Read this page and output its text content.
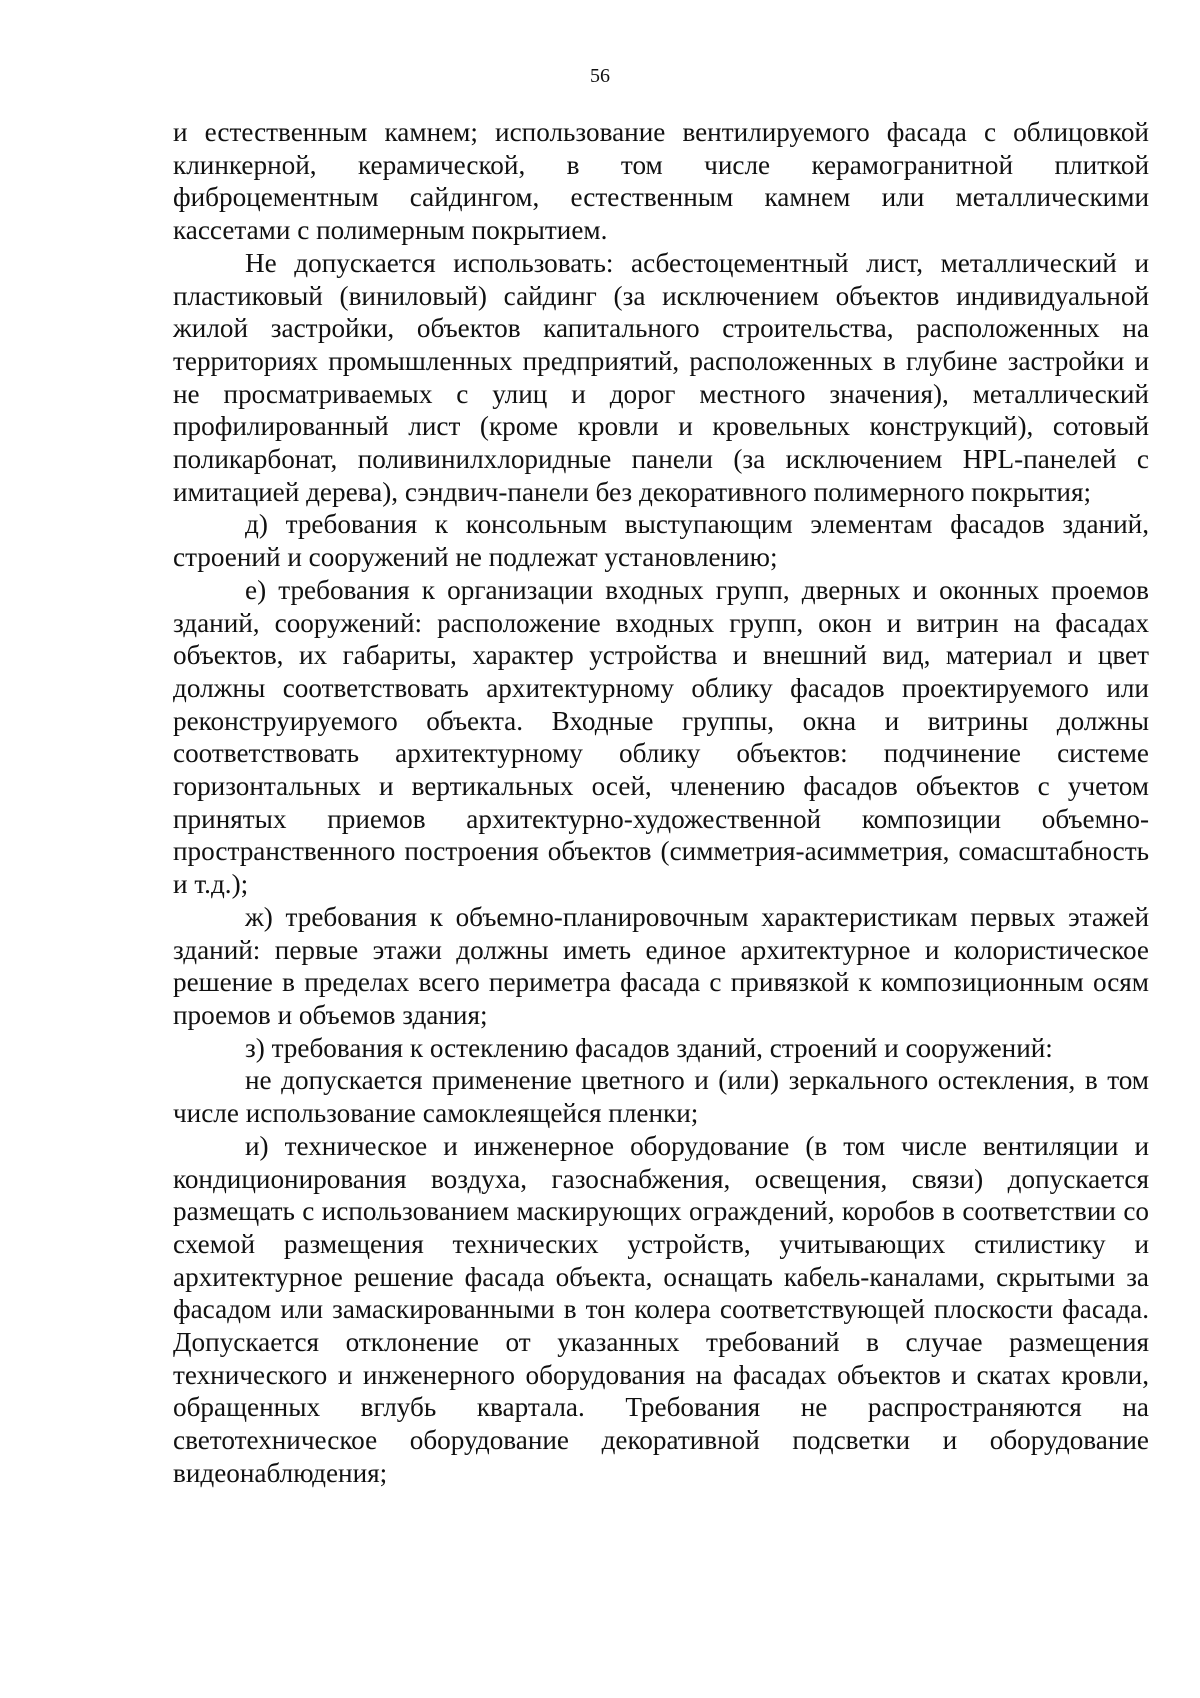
56

и естественным камнем; использование вентилируемого фасада с облицовкой клинкерной, керамической, в том числе керамогранитной плиткой фиброцементным сайдингом, естественным камнем или металлическими кассетами с полимерным покрытием.

Не допускается использовать: асбестоцементный лист, металлический и пластиковый (виниловый) сайдинг (за исключением объектов индивидуальной жилой застройки, объектов капитального строительства, расположенных на территориях промышленных предприятий, расположенных в глубине застройки и не просматриваемых с улиц и дорог местного значения), металлический профилированный лист (кроме кровли и кровельных конструкций), сотовый поликарбонат, поливинилхлоридные панели (за исключением HPL-панелей с имитацией дерева), сэндвич-панели без декоративного полимерного покрытия;

д) требования к консольным выступающим элементам фасадов зданий, строений и сооружений не подлежат установлению;

е) требования к организации входных групп, дверных и оконных проемов зданий, сооружений: расположение входных групп, окон и витрин на фасадах объектов, их габариты, характер устройства и внешний вид, материал и цвет должны соответствовать архитектурному облику фасадов проектируемого или реконструируемого объекта. Входные группы, окна и витрины должны соответствовать архитектурному облику объектов: подчинение системе горизонтальных и вертикальных осей, членению фасадов объектов с учетом принятых приемов архитектурно-художественной композиции объемно-пространственного построения объектов (симметрия-асимметрия, сомасштабность и т.д.);

ж) требования к объемно-планировочным характеристикам первых этажей зданий: первые этажи должны иметь единое архитектурное и колористическое решение в пределах всего периметра фасада с привязкой к композиционным осям проемов и объемов здания;

з) требования к остеклению фасадов зданий, строений и сооружений:

не допускается применение цветного и (или) зеркального остекления, в том числе использование самоклеящейся пленки;

и) техническое и инженерное оборудование (в том числе вентиляции и кондиционирования воздуха, газоснабжения, освещения, связи) допускается размещать с использованием маскирующих ограждений, коробов в соответствии со схемой размещения технических устройств, учитывающих стилистику и архитектурное решение фасада объекта, оснащать кабель-каналами, скрытыми за фасадом или замаскированными в тон колера соответствующей плоскости фасада. Допускается отклонение от указанных требований в случае размещения технического и инженерного оборудования на фасадах объектов и скатах кровли, обращенных вглубь квартала. Требования не распространяются на светотехническое оборудование декоративной подсветки и оборудование видеонаблюдения;
